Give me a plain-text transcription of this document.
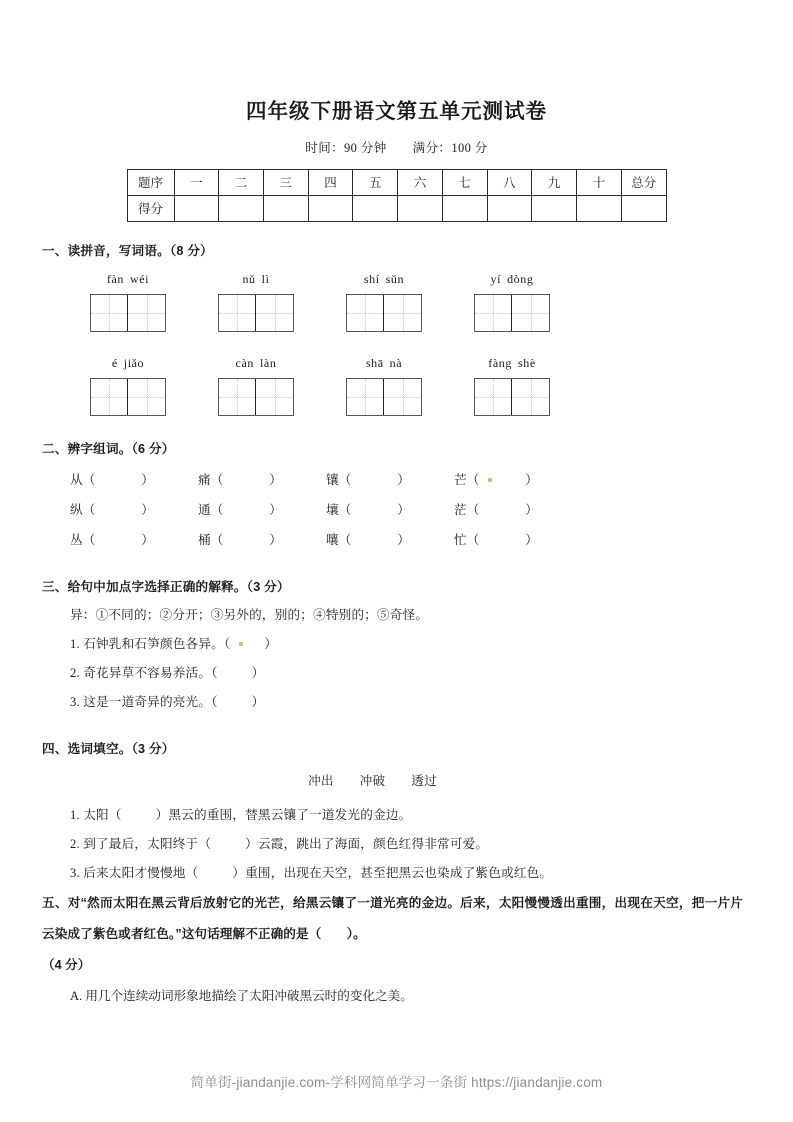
四年级下册语文第五单元测试卷

时间：90 分钟 满分：100 分

题序	一	二	三	四	五	六	七	八	九	十	总分
得分											

一、读拼音，写词语。（8 分）

fàn wéi	nǔ lì	shí sǔn	yí dòng
é jiǎo	càn làn	shā nà	fàng shè

二、辨字组词。（6 分）

从（	）	痛（	）	镶（	）	芒（	）
纵（	）	通（	）	壤（	）	茫（	）
丛（	）	桶（	）	嚷（	）	忙（	）

三、给句中加点字选择正确的解释。（3 分）

异：①不同的；②分开；③另外的，别的；④特别的；⑤奇怪。

1. 石钟乳和石笋颜色各异。（	）

2. 奇花异草不容易养活。（	）

3. 这是一道奇异的亮光。（	）

四、选词填空。（3 分）

冲出 冲破 透过

1. 太阳（	）黑云的重围，替黑云镶了一道发光的金边。

2. 到了最后，太阳终于（	）云霞，跳出了海面，颜色红得非常可爱。

3. 后来太阳才慢慢地（	）重围，出现在天空，甚至把黑云也染成了紫色或红色。

五、对“然而太阳在黑云背后放射它的光芒，给黑云镶了一道光亮的金边。后来，太阳慢慢透出重围，出现在天空，把一片片云染成了紫色或者红色。”这句话理解不正确的是（　　）。

（4 分）

A. 用几个连续动词形象地描绘了太阳冲破黑云时的变化之美。

简单街-jiandanjie.com-学科网简单学习一条街 https://jiandanjie.com
